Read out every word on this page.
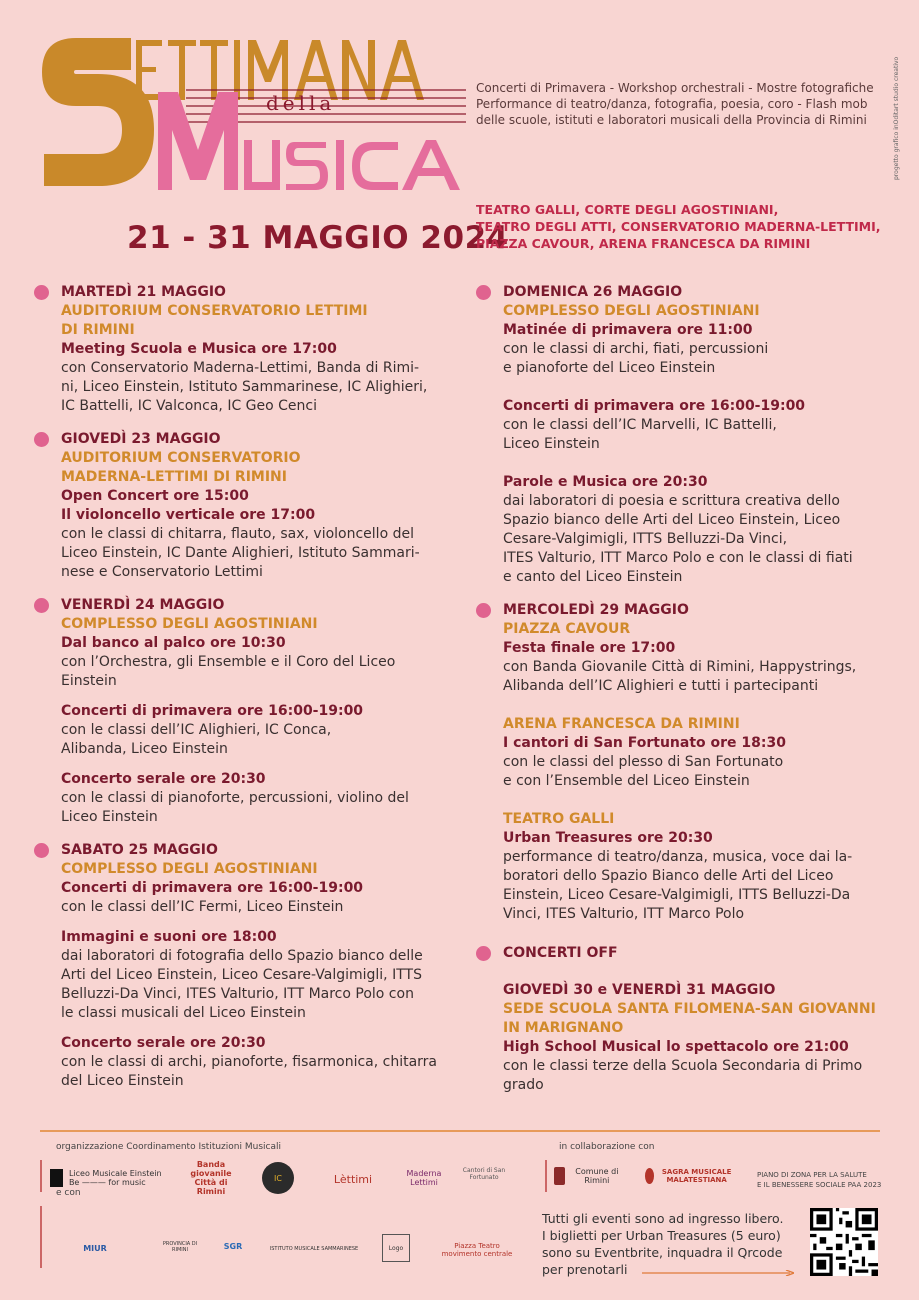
della
Concerti di Primavera - Workshop orchestrali - Mostre fotografiche
Performance di teatro/danza, fotografia, poesia, coro - Flash mob
delle scuole, istituti e laboratori musicali della Provincia di Rimini
21 - 31 MAGGIO 2024
TEATRO GALLI, CORTE DEGLI AGOSTINIANI,
TEATRO DEGLI ATTI, CONSERVATORIO MADERNA-LETTIMI,
PIAZZA CAVOUR, ARENA FRANCESCA DA RIMINI
progetto grafico inOditart studio creativo
MARTEDÌ 21 MAGGIO
AUDITORIUM CONSERVATORIO LETTIMI
DI RIMINI
Meeting Scuola e Musica ore 17:00
con Conservatorio Maderna-Lettimi, Banda di Rimi-
ni, Liceo Einstein, Istituto Sammarinese, IC Alighieri,
IC Battelli, IC Valconca, IC Geo Cenci
GIOVEDÌ 23 MAGGIO
AUDITORIUM CONSERVATORIO
MADERNA-LETTIMI DI RIMINI
Open Concert ore 15:00
Il violoncello verticale ore 17:00
con le classi di chitarra, flauto, sax, violoncello del
Liceo Einstein, IC Dante Alighieri, Istituto Sammari-
nese e Conservatorio Lettimi
VENERDÌ 24 MAGGIO
COMPLESSO DEGLI AGOSTINIANI
Dal banco al palco ore 10:30
con l’Orchestra, gli Ensemble e il Coro del Liceo
Einstein
Concerti di primavera ore 16:00-19:00
con le classi dell’IC Alighieri, IC Conca,
Alibanda, Liceo Einstein
Concerto serale ore 20:30
con le classi di pianoforte, percussioni, violino del
Liceo Einstein
SABATO 25 MAGGIO
COMPLESSO DEGLI AGOSTINIANI
Concerti di primavera ore 16:00-19:00
con le classi dell’IC Fermi, Liceo Einstein
Immagini e suoni ore 18:00
dai laboratori di fotografia dello Spazio bianco delle
Arti del Liceo Einstein, Liceo Cesare-Valgimigli, ITTS
Belluzzi-Da Vinci, ITES Valturio, ITT Marco Polo con
le classi musicali del Liceo Einstein
Concerto serale ore 20:30
con le classi di archi, pianoforte, fisarmonica, chitarra
del Liceo Einstein
DOMENICA 26 MAGGIO
COMPLESSO DEGLI AGOSTINIANI
Matinée di primavera ore 11:00
con le classi di archi, fiati, percussioni
e pianoforte del Liceo Einstein
Concerti di primavera ore 16:00-19:00
con le classi dell’IC Marvelli, IC Battelli,
Liceo Einstein
Parole e Musica ore 20:30
dai laboratori di poesia e scrittura creativa dello
Spazio bianco delle Arti del Liceo Einstein, Liceo
Cesare-Valgimigli, ITTS Belluzzi-Da Vinci,
ITES Valturio, ITT Marco Polo e con le classi di fiati
e canto del Liceo Einstein
MERCOLEDÌ 29 MAGGIO
PIAZZA CAVOUR
Festa finale ore 17:00
con Banda Giovanile Città di Rimini, Happystrings,
Alibanda dell’IC Alighieri e tutti i partecipanti
ARENA FRANCESCA DA RIMINI
I cantori di San Fortunato ore 18:30
con le classi del plesso di San Fortunato
e con l’Ensemble del Liceo Einstein
TEATRO GALLI
Urban Treasures ore 20:30
performance di teatro/danza, musica, voce dai la-
boratori dello Spazio Bianco delle Arti del Liceo
Einstein, Liceo Cesare-Valgimigli, ITTS Belluzzi-Da
Vinci, ITES Valturio, ITT Marco Polo
CONCERTI OFF
GIOVEDÌ 30 e VENERDÌ 31 MAGGIO
SEDE SCUOLA SANTA FILOMENA-SAN GIOVANNI
IN MARIGNANO
High School Musical lo spettacolo ore 21:00
con le classi terze della Scuola Secondaria di Primo
grado
organizzazione Coordinamento Istituzioni Musicali	in collaborazione con
Liceo Musicale Einstein Be ——— for music
Banda giovanile Città di Rimini
IC	Lèttimi	Maderna Lettimi
Cantori di San Fortunato
Comune di Rimini
SAGRA MUSICALE MALATESTIANA
PIANO DI ZONA PER LA SALUTE
E IL BENESSERE SOCIALE PAA 2023
e con
MIUR	PROVINCIA DI RIMINI	SGR	ISTITUTO MUSICALE SAMMARINESE	Logo	Piazza Teatro movimento centrale
Tutti gli eventi sono ad ingresso libero.
I biglietti per Urban Treasures (5 euro)
sono su Eventbrite, inquadra il Qrcode
per prenotarli
